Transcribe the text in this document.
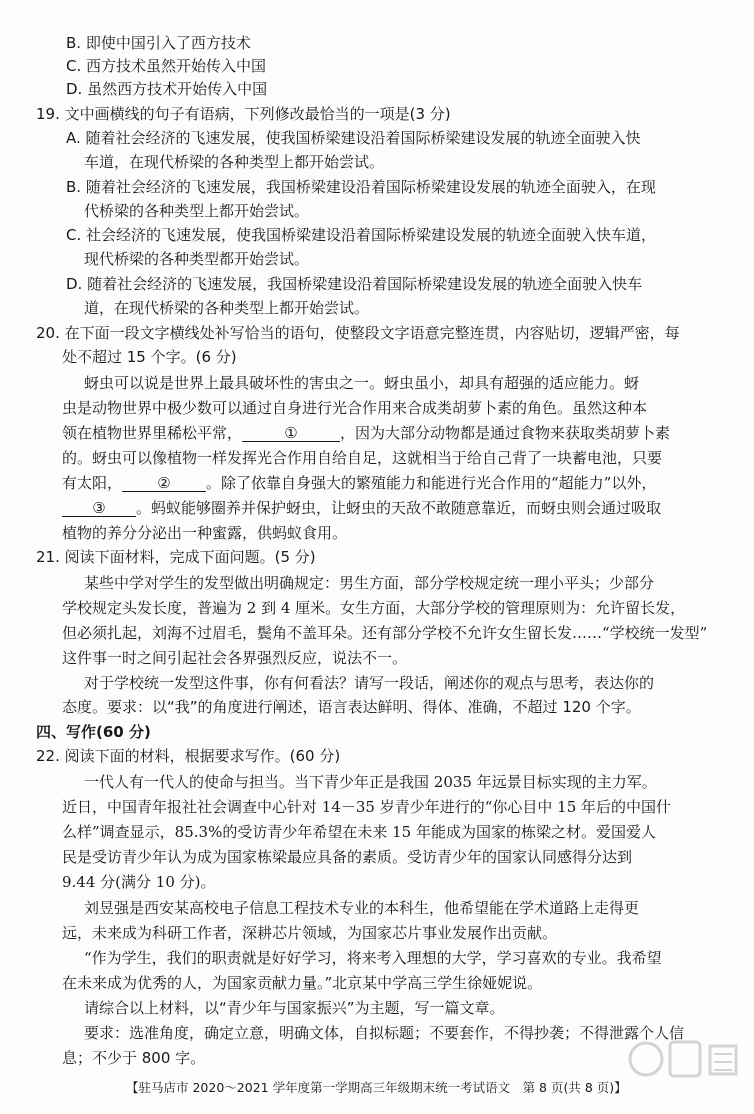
B. 即使中国引入了西方技术
C. 西方技术虽然开始传入中国
D. 虽然西方技术开始传入中国
19. 文中画横线的句子有语病，下列修改最恰当的一项是(3 分)
A. 随着社会经济的飞速发展，使我国桥梁建设沿着国际桥梁建设发展的轨迹全面驶入快
车道，在现代桥梁的各种类型上都开始尝试。
B. 随着社会经济的飞速发展，我国桥梁建设沿着国际桥梁建设发展的轨迹全面驶入，在现
代桥梁的各种类型上都开始尝试。
C. 社会经济的飞速发展，使我国桥梁建设沿着国际桥梁建设发展的轨迹全面驶入快车道，
现代桥梁的各种类型都开始尝试。
D. 随着社会经济的飞速发展，我国桥梁建设沿着国际桥梁建设发展的轨迹全面驶入快车
道，在现代桥梁的各种类型上都开始尝试。
20. 在下面一段文字横线处补写恰当的语句，使整段文字语意完整连贯，内容贴切，逻辑严密，每
处不超过 15 个字。(6 分)
蚜虫可以说是世界上最具破坏性的害虫之一。蚜虫虽小，却具有超强的适应能力。蚜
虫是动物世界中极少数可以通过自身进行光合作用来合成类胡萝卜素的角色。虽然这种本
领在植物世界里稀松平常，	①	，因为大部分动物都是通过食物来获取类胡萝卜素
的。蚜虫可以像植物一样发挥光合作用自给自足，这就相当于给自己背了一块蓄电池，只要
有太阳， ② 。除了依靠自身强大的繁殖能力和能进行光合作用的“超能力”以外，
③ 。蚂蚁能够圈养并保护蚜虫，让蚜虫的天敌不敢随意靠近，而蚜虫则会通过吸取
植物的养分分泌出一种蜜露，供蚂蚁食用。
21. 阅读下面材料，完成下面问题。(5 分)
某些中学对学生的发型做出明确规定：男生方面，部分学校规定统一理小平头；少部分
学校规定头发长度，普遍为 2 到 4 厘米。女生方面，大部分学校的管理原则为：允许留长发，
但必须扎起，刘海不过眉毛，鬓角不盖耳朵。还有部分学校不允许女生留长发……“学校统一发型”
这件事一时之间引起社会各界强烈反应，说法不一。
对于学校统一发型这件事，你有何看法？请写一段话，阐述你的观点与思考，表达你的
态度。要求：以“我”的角度进行阐述，语言表达鲜明、得体、准确，不超过 120 个字。
四、写作(60 分)
22. 阅读下面的材料，根据要求写作。(60 分)
一代人有一代人的使命与担当。当下青少年正是我国 2035 年远景目标实现的主力军。
近日，中国青年报社社会调查中心针对 14－35 岁青少年进行的“你心目中 15 年后的中国什
么样”调查显示，85.3%的受访青少年希望在未来 15 年能成为国家的栋梁之材。爱国爱人
民是受访青少年认为成为国家栋梁最应具备的素质。受访青少年的国家认同感得分达到
9.44 分(满分 10 分)。
刘昱强是西安某高校电子信息工程技术专业的本科生，他希望能在学术道路上走得更
远，未来成为科研工作者，深耕芯片领域，为国家芯片事业发展作出贡献。
“作为学生，我们的职责就是好好学习，将来考入理想的大学，学习喜欢的专业。我希望
在未来成为优秀的人，为国家贡献力量。”北京某中学高三学生徐娅妮说。
请综合以上材料，以“青少年与国家振兴”为主题，写一篇文章。
要求：选准角度，确定立意，明确文体，自拟标题；不要套作，不得抄袭；不得泄露个人信
息；不少于 800 字。
【驻马店市 2020～2021 学年度第一学期高三年级期末统一考试语文　第 8 页(共 8 页)】
